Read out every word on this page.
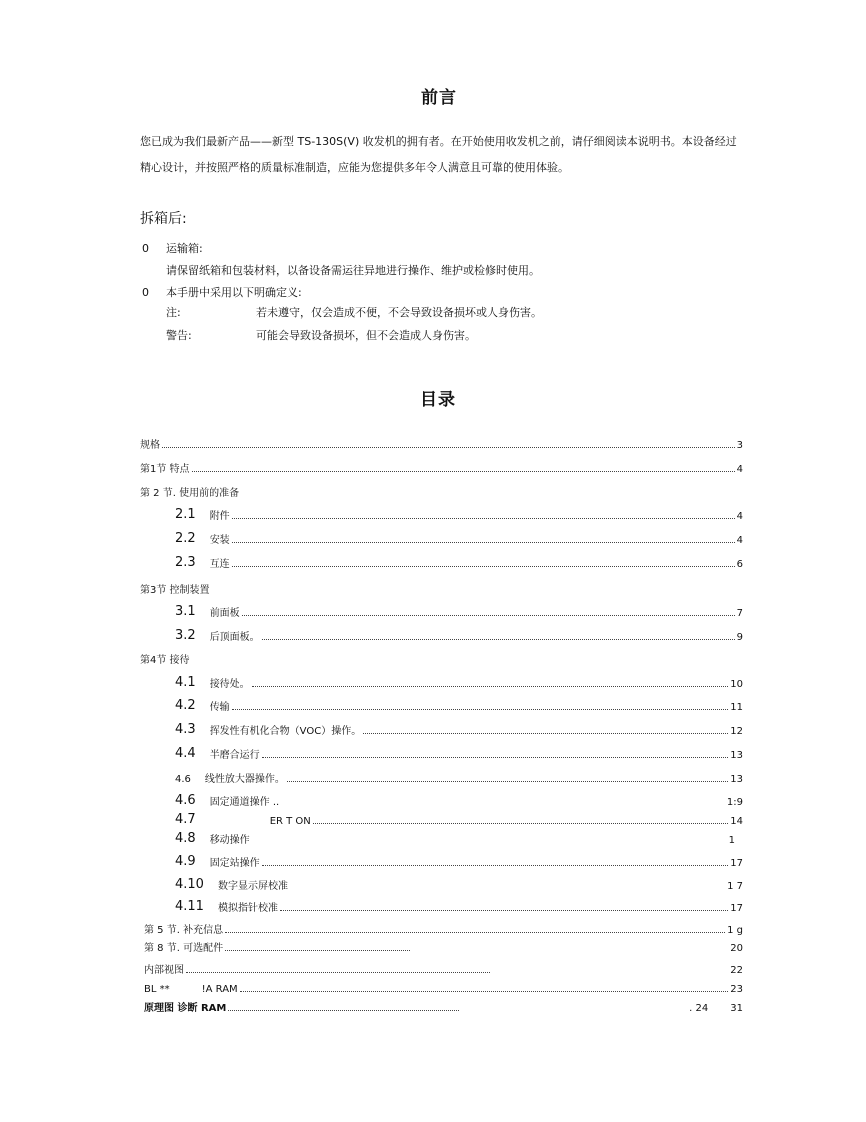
前言
您已成为我们最新产品——新型 TS-130S(V) 收发机的拥有者。在开始使用收发机之前，请仔细阅读本说明书。本设备经过
精心设计，并按照严格的质量标准制造，应能为您提供多年令人满意且可靠的使用体验。
拆箱后:
0 运输箱:
请保留纸箱和包装材料，以备设备需运往异地进行操作、维护或检修时使用。
0 本手册中采用以下明确定义:
注:	若未遵守，仅会造成不便，不会导致设备损坏或人身伤害。
警告:	可能会导致设备损坏，但不会造成人身伤害。
目录
规格	3
第1节 特点	4
第 2 节. 使用前的准备
2.1 附件	4
2.2 安装	4
2.3 互连	6
第3节 控制装置
3.1 前面板	7
3.2 后顶面板。	9
第4节 接待
4.1 接待处。	10
4.2 传输	11
4.3 挥发性有机化合物（VOC）操作。	12
4.4 半磨合运行	13
4.6 线性放大器操作。	13
4.6 固定通道操作 ..	1:9
4.7	ER T ON	14
4.8 移动操作	1
4.9 固定站操作	17
4.10 数字显示屏校准	1 7
4.11 模拟指针校准	17
第 5 节. 补充信息	1 g
第 8 节. 可选配件	20
内部视图	22
BL **	!A RAM	23
原理图 诊断 RAM	. 24 31
